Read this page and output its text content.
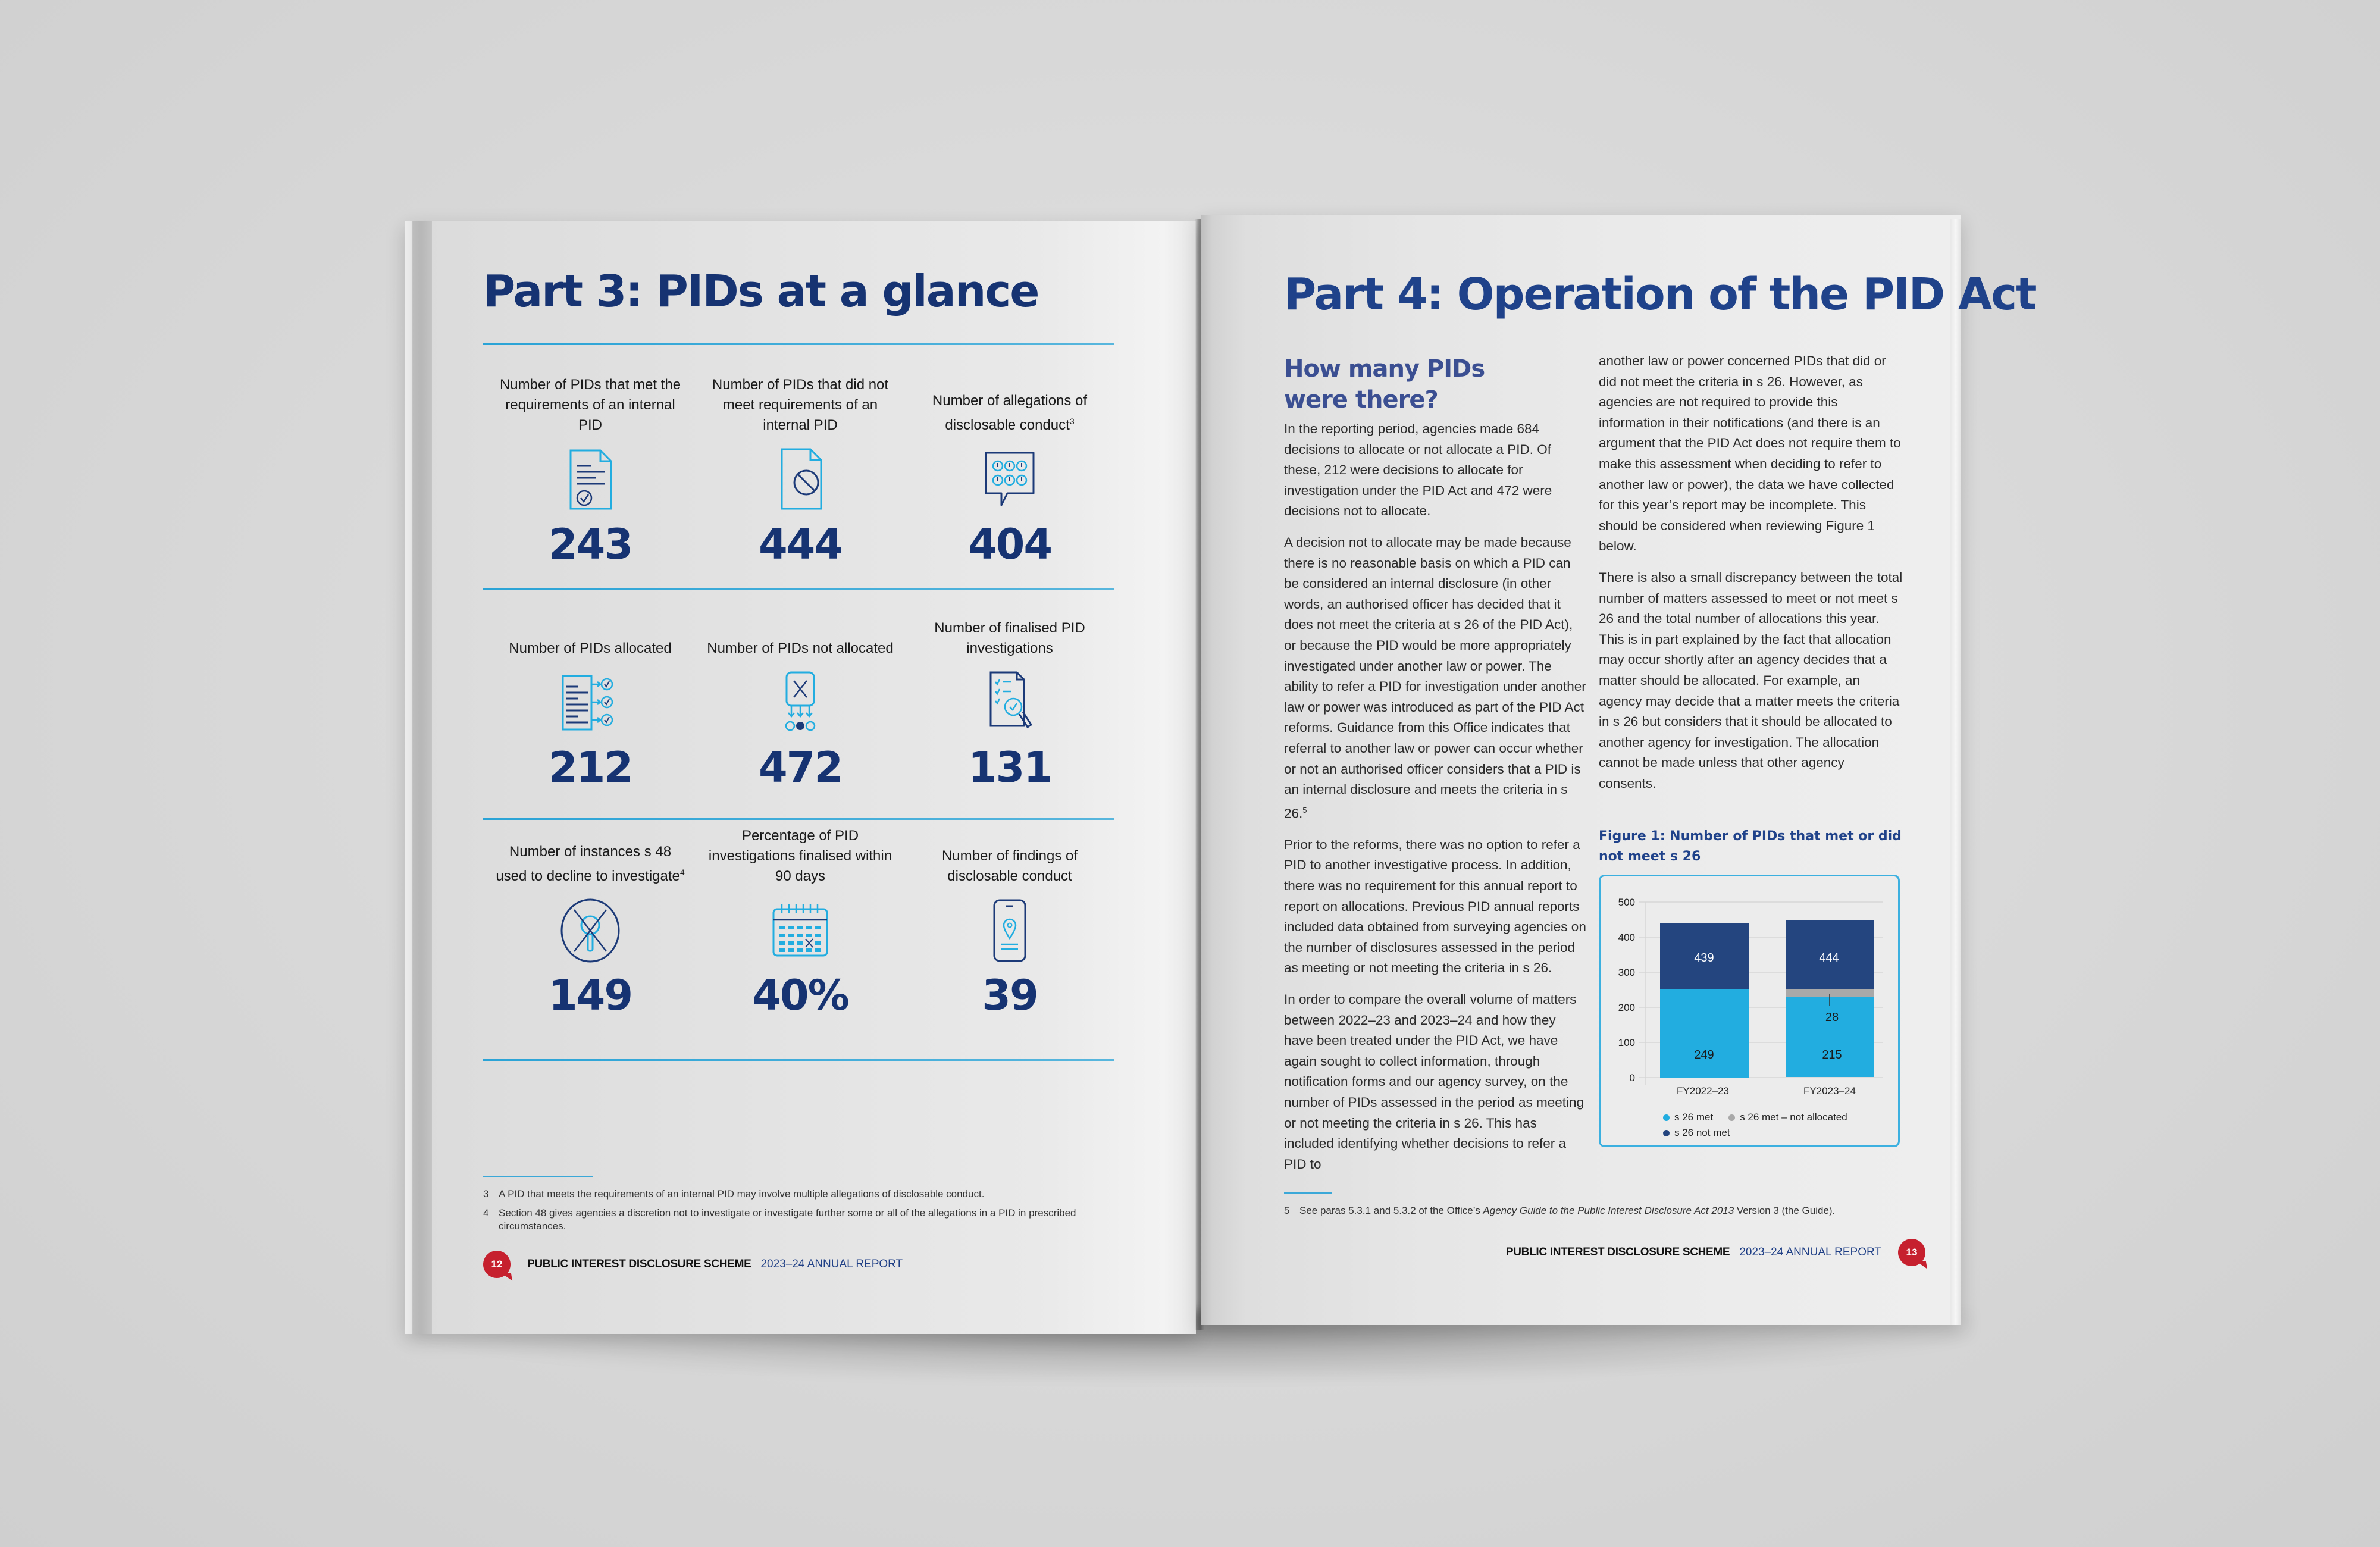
Part 3: PIDs at a glance
Number of PIDs that met the requirements of an internal PID
243
Number of PIDs that did not meet requirements of an internal PID
444
Number of allegations of disclosable conduct$^3$
404
Number of PIDs allocated
212
Number of PIDs not allocated
472
Number of finalised PID investigations
131
Number of instances s 48 used to decline to investigate$^4$
149
Percentage of PID investigations finalised within 90 days
40%
Number of findings of disclosable conduct
39
3 A PID that meets the requirements of an internal PID may involve multiple allegations of disclosable conduct.
4 Section 48 gives agencies a discretion not to investigate or investigate further some or all of the allegations in a PID in prescribed circumstances.
12	PUBLIC INTEREST DISCLOSURE SCHEME 2023–24 ANNUAL REPORT
Part 4: Operation of the PID Act
How many PIDs were there?

In the reporting period, agencies made 684 decisions to allocate or not allocate a PID. Of these, 212 were decisions to allocate for investigation under the PID Act and 472 were decisions not to allocate.

A decision not to allocate may be made because there is no reasonable basis on which a PID can be considered an internal disclosure (in other words, an authorised officer has decided that it does not meet the criteria at s 26 of the PID Act), or because the PID would be more appropriately investigated under another law or power. The ability to refer a PID for investigation under another law or power was introduced as part of the PID Act reforms. Guidance from this Office indicates that referral to another law or power can occur whether or not an authorised officer considers that a PID is an internal disclosure and meets the criteria in s 26.$^5$

Prior to the reforms, there was no option to refer a PID to another investigative process. In addition, there was no requirement for this annual report to report on allocations. Previous PID annual reports included data obtained from surveying agencies on the number of disclosures assessed in the period as meeting or not meeting the criteria in s 26.

In order to compare the overall volume of matters between 2022–23 and 2023–24 and how they have been treated under the PID Act, we have again sought to collect information, through notification forms and our agency survey, on the number of PIDs assessed in the period as meeting or not meeting the criteria in s 26. This has included identifying whether decisions to refer a PID to

another law or power concerned PIDs that did or did not meet the criteria in s 26. However, as agencies are not required to provide this information in their notifications (and there is an argument that the PID Act does not require them to make this assessment when deciding to refer to another law or power), the data we have collected for this year’s report may be incomplete. This should be considered when reviewing Figure 1 below.

There is also a small discrepancy between the total number of matters assessed to meet or not meet s 26 and the total number of allocations this year. This is in part explained by the fact that allocation may occur shortly after an agency decides that a matter should be allocated. For example, an agency may decide that a matter meets the criteria in s 26 but considers that it should be allocated to another agency for investigation. The allocation cannot be made unless that other agency consents.

Figure 1: Number of PIDs that met or did not meet s 26
500
400
300
200
100
0
439
249
444
28
215
FY2022–23	FY2023–24
s 26 met	s 26 met – not allocated
s 26 not met
5 See paras 5.3.1 and 5.3.2 of the Office’s Agency Guide to the Public Interest Disclosure Act 2013 Version 3 (the Guide).
PUBLIC INTEREST DISCLOSURE SCHEME 2023–24 ANNUAL REPORT	13
